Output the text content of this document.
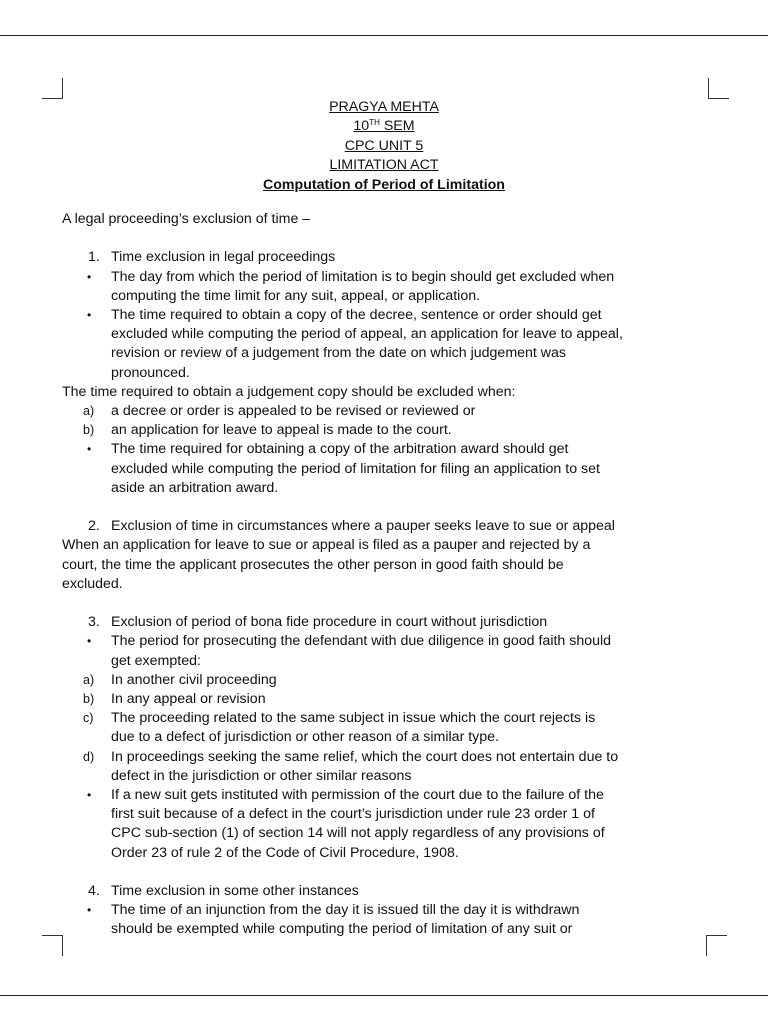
PRAGYA MEHTA
10TH SEM
CPC UNIT 5
LIMITATION ACT
Computation of Period of Limitation
A legal proceeding’s exclusion of time –
1. Time exclusion in legal proceedings
•	The day from which the period of limitation is to begin should get excluded when
computing the time limit for any suit, appeal, or application.
•	The time required to obtain a copy of the decree, sentence or order should get
excluded while computing the period of appeal, an application for leave to appeal,
revision or review of a judgement from the date on which judgement was
pronounced.
The time required to obtain a judgement copy should be excluded when:
a)	a decree or order is appealed to be revised or reviewed or
b)	an application for leave to appeal is made to the court.
•	The time required for obtaining a copy of the arbitration award should get
excluded while computing the period of limitation for filing an application to set
aside an arbitration award.
2. Exclusion of time in circumstances where a pauper seeks leave to sue or appeal
When an application for leave to sue or appeal is filed as a pauper and rejected by a
court, the time the applicant prosecutes the other person in good faith should be
excluded.
3. Exclusion of period of bona fide procedure in court without jurisdiction
•	The period for prosecuting the defendant with due diligence in good faith should
get exempted:
a)	In another civil proceeding
b)	In any appeal or revision
c)	The proceeding related to the same subject in issue which the court rejects is
due to a defect of jurisdiction or other reason of a similar type.
d)	In proceedings seeking the same relief, which the court does not entertain due to
defect in the jurisdiction or other similar reasons
•	If a new suit gets instituted with permission of the court due to the failure of the
first suit because of a defect in the court’s jurisdiction under rule 23 order 1 of
CPC sub-section (1) of section 14 will not apply regardless of any provisions of
Order 23 of rule 2 of the Code of Civil Procedure, 1908.
4. Time exclusion in some other instances
•	The time of an injunction from the day it is issued till the day it is withdrawn
should be exempted while computing the period of limitation of any suit or
